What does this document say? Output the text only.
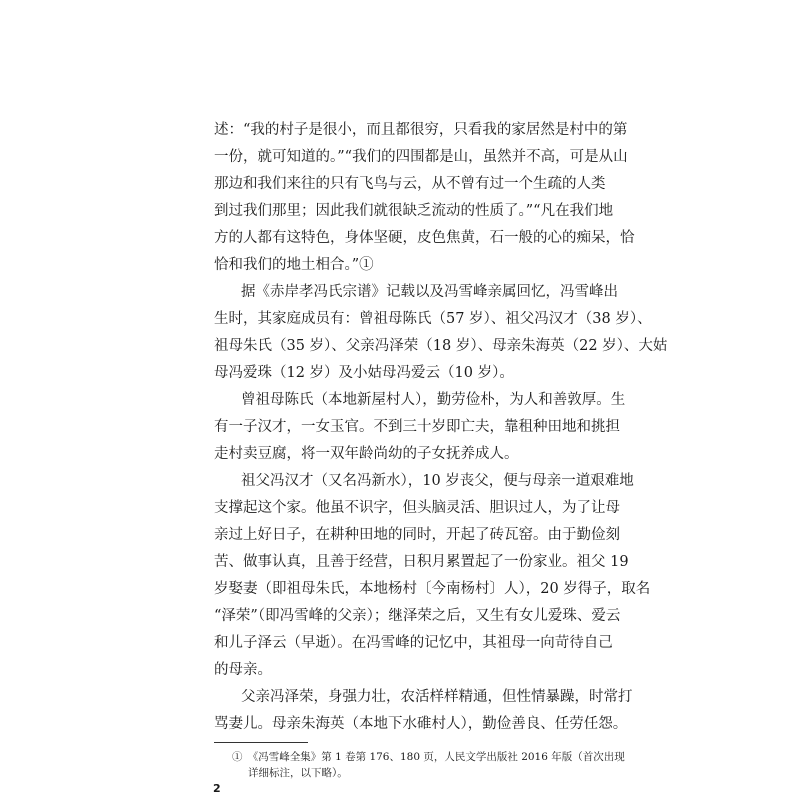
述：“我的村子是很小，而且都很穷，只看我的家居然是村中的第
一份，就可知道的。”“我们的四围都是山，虽然并不高，可是从山
那边和我们来往的只有飞鸟与云，从不曾有过一个生疏的人类
到过我们那里；因此我们就很缺乏流动的性质了。”“凡在我们地
方的人都有这特色，身体坚硬，皮色焦黄，石一般的心的痴呆，恰
恰和我们的地土相合。”①
据《赤岸孝冯氏宗谱》记载以及冯雪峰亲属回忆，冯雪峰出
生时，其家庭成员有：曾祖母陈氏（57 岁）、祖父冯汉才（38 岁）、
祖母朱氏（35 岁）、父亲冯泽荣（18 岁）、母亲朱海英（22 岁）、大姑
母冯爱珠（12 岁）及小姑母冯爱云（10 岁）。
曾祖母陈氏（本地新屋村人），勤劳俭朴，为人和善敦厚。生
有一子汉才，一女玉官。不到三十岁即亡夫，靠租种田地和挑担
走村卖豆腐，将一双年龄尚幼的子女抚养成人。
祖父冯汉才（又名冯新水），10 岁丧父，便与母亲一道艰难地
支撑起这个家。他虽不识字，但头脑灵活、胆识过人，为了让母
亲过上好日子，在耕种田地的同时，开起了砖瓦窑。由于勤俭刻
苦、做事认真，且善于经营，日积月累置起了一份家业。祖父 19
岁娶妻（即祖母朱氏，本地杨村〔今南杨村〕人），20 岁得子，取名
“泽荣”（即冯雪峰的父亲）；继泽荣之后，又生有女儿爱珠、爱云
和儿子泽云（早逝）。在冯雪峰的记忆中，其祖母一向苛待自己
的母亲。
父亲冯泽荣，身强力壮，农活样样精通，但性情暴躁，时常打
骂妻儿。母亲朱海英（本地下水碓村人），勤俭善良、任劳任怨。
①　《冯雪峰全集》第 1 卷第 176、180 页，人民文学出版社 2016 年版（首次出现
详细标注，以下略）。
2
